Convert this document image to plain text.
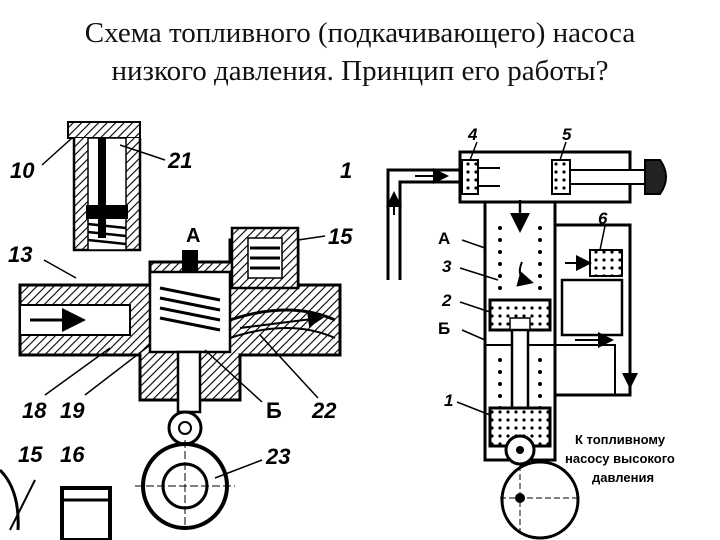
Схема топливного (подкачивающего) насоса
низкого давления. Принцип его работы?
10	21	1
13
А	15
18 19	Б 22
15 16	23
4	5
6
А
3
2
Б
1
К топливному
насосу высокого
давления
